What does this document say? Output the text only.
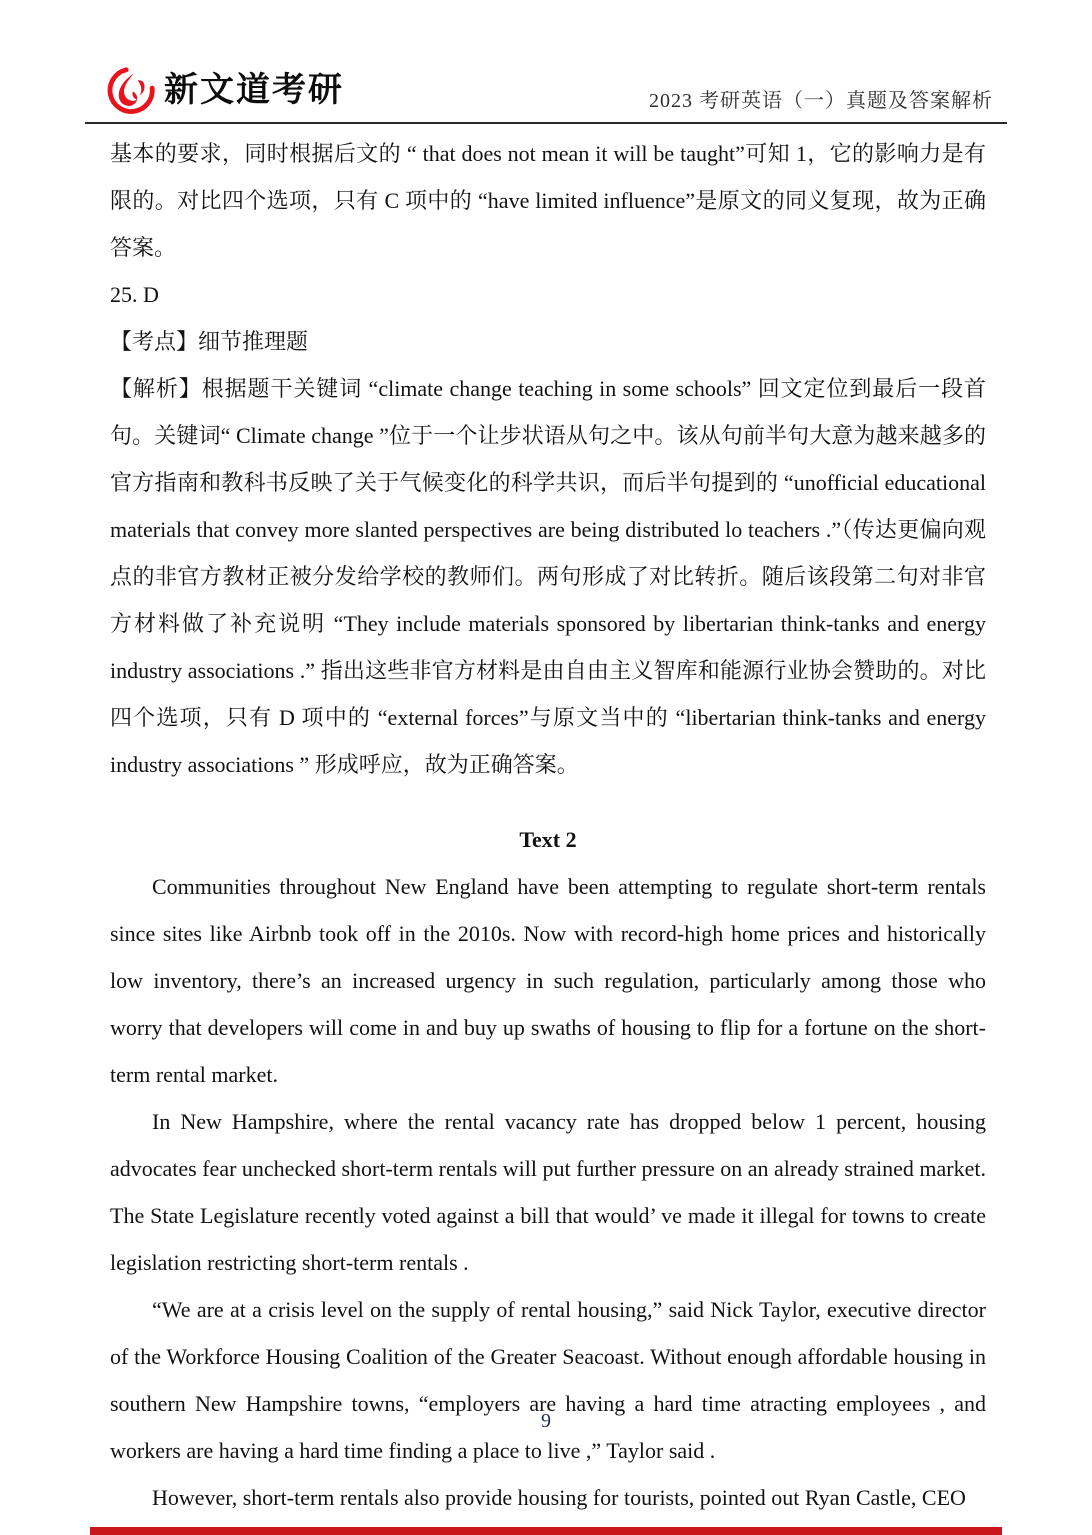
新文道考研	2023 考研英语（一）真题及答案解析

基本的要求，同时根据后文的 “ that does not mean it will be taught”可知 1，它的影响力是有限的。对比四个选项，只有 C 项中的 “have limited influence”是原文的同义复现，故为正确答案。

25. D

【考点】细节推理题

【解析】根据题干关键词 “climate change teaching in some schools” 回文定位到最后一段首句。关键词“ Climate change ”位于一个让步状语从句之中。该从句前半句大意为越来越多的官方指南和教科书反映了关于气候变化的科学共识，而后半句提到的 “unofficial educational materials that convey more slanted perspectives are being distributed lo teachers .”（传达更偏向观点的非官方教材正被分发给学校的教师们。两句形成了对比转折。随后该段第二句对非官方材料做了补充说明 “They include materials sponsored by libertarian think-tanks and energy industry associations .” 指出这些非官方材料是由自由主义智库和能源行业协会赞助的。对比四个选项，只有 D 项中的 “external forces”与原文当中的 “libertarian think-tanks and energy industry associations ” 形成呼应，故为正确答案。

Text 2

Communities throughout New England have been attempting to regulate short-term rentals since sites like Airbnb took off in the 2010s. Now with record-high home prices and historically low inventory, there’s an increased urgency in such regulation, particularly among those who worry that developers will come in and buy up swaths of housing to flip for a fortune on the short-term rental market.

In New Hampshire, where the rental vacancy rate has dropped below 1 percent, housing advocates fear unchecked short-term rentals will put further pressure on an already strained market. The State Legislature recently voted against a bill that would’ ve made it illegal for towns to create legislation restricting short-term rentals .

“We are at a crisis level on the supply of rental housing,” said Nick Taylor, executive director of the Workforce Housing Coalition of the Greater Seacoast. Without enough affordable housing in southern New Hampshire towns, “employers are having a hard time atracting employees , and workers are having a hard time finding a place to live ,” Taylor said .

However, short-term rentals also provide housing for tourists, pointed out Ryan Castle, CEO

9
